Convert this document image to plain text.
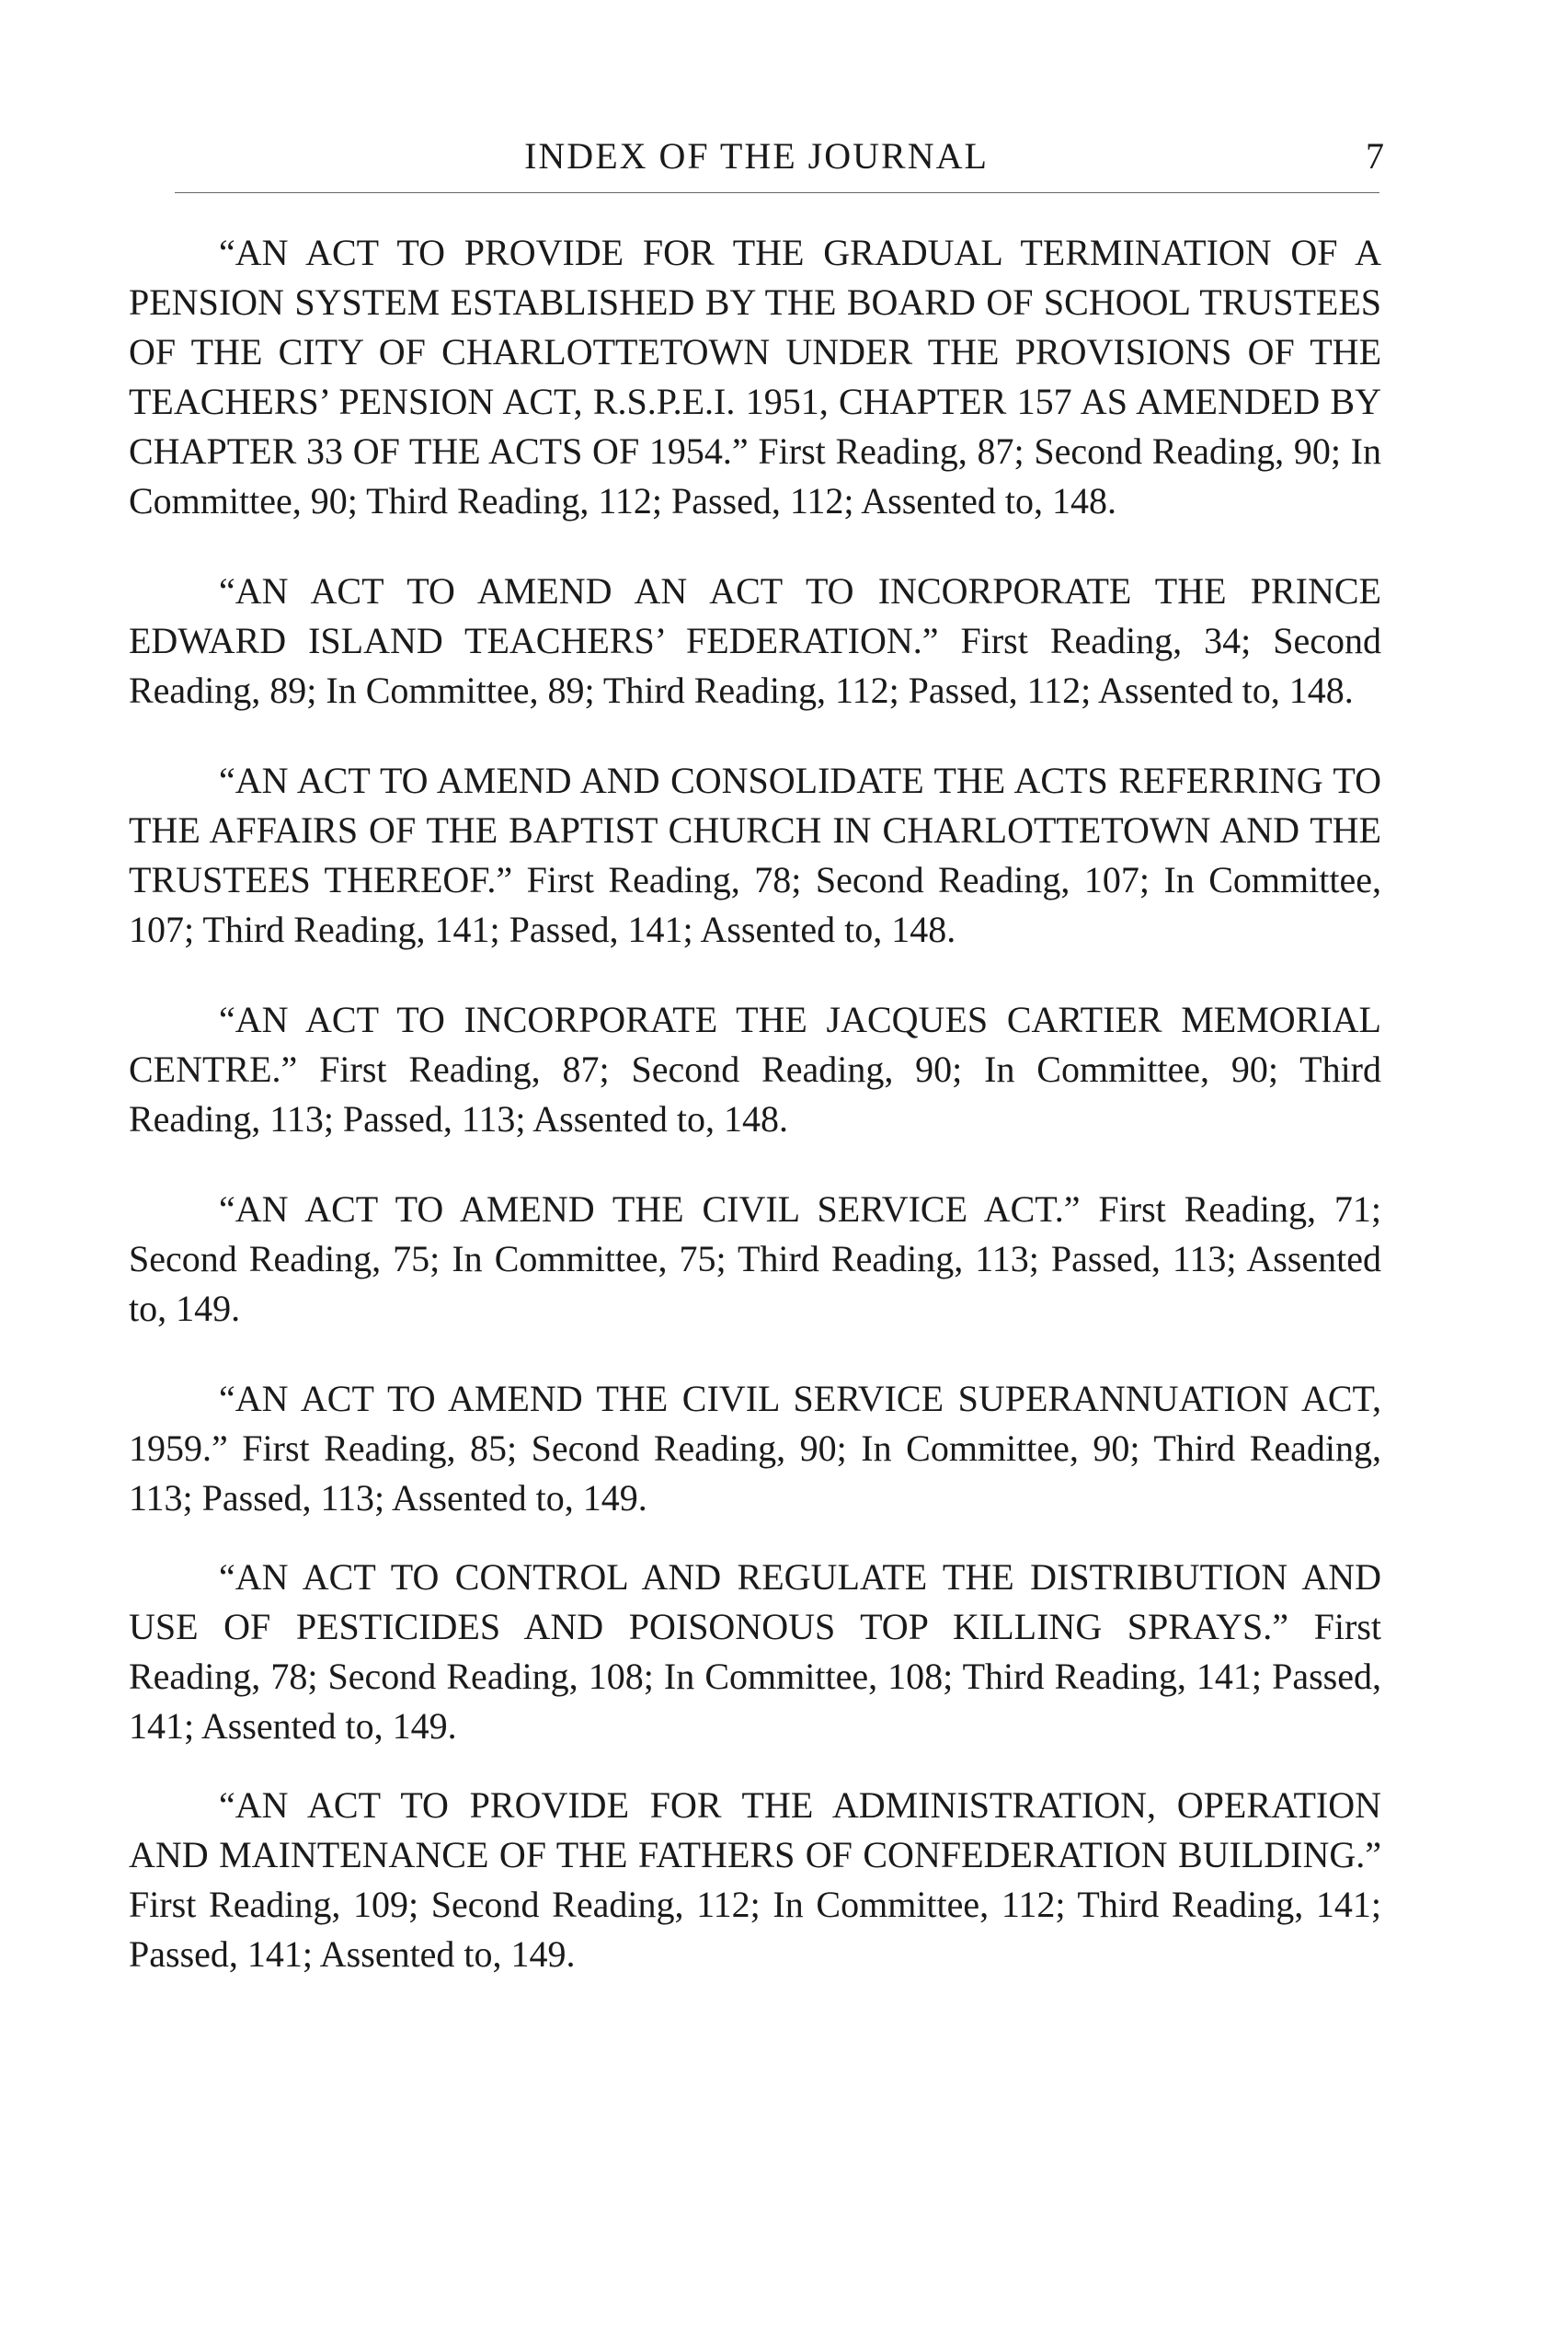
INDEX OF THE JOURNAL	7

“AN ACT TO PROVIDE FOR THE GRADUAL TERMINATION OF A PENSION SYSTEM ESTABLISHED BY THE BOARD OF SCHOOL TRUSTEES OF THE CITY OF CHARLOTTETOWN UNDER THE PROVISIONS OF THE TEACHERS’ PENSION ACT, R.S.P.E.I. 1951, CHAPTER 157 AS AMENDED BY CHAPTER 33 OF THE ACTS OF 1954.” First Reading, 87; Second Reading, 90; In Committee, 90; Third Reading, 112; Passed, 112; Assented to, 148.

“AN ACT TO AMEND AN ACT TO INCORPORATE THE PRINCE EDWARD ISLAND TEACHERS’ FEDERATION.” First Reading, 34; Second Reading, 89; In Committee, 89; Third Reading, 112; Passed, 112; Assented to, 148.

“AN ACT TO AMEND AND CONSOLIDATE THE ACTS REFERRING TO THE AFFAIRS OF THE BAPTIST CHURCH IN CHARLOTTETOWN AND THE TRUSTEES THEREOF.” First Reading, 78; Second Reading, 107; In Committee, 107; Third Reading, 141; Passed, 141; Assented to, 148.

“AN ACT TO INCORPORATE THE JACQUES CARTIER MEMORIAL CENTRE.” First Reading, 87; Second Reading, 90; In Committee, 90; Third Reading, 113; Passed, 113; Assented to, 148.

“AN ACT TO AMEND THE CIVIL SERVICE ACT.” First Reading, 71; Second Reading, 75; In Committee, 75; Third Reading, 113; Passed, 113; Assented to, 149.

“AN ACT TO AMEND THE CIVIL SERVICE SUPERANNUATION ACT, 1959.” First Reading, 85; Second Reading, 90; In Committee, 90; Third Reading, 113; Passed, 113; Assented to, 149.

“AN ACT TO CONTROL AND REGULATE THE DISTRIBUTION AND USE OF PESTICIDES AND POISONOUS TOP KILLING SPRAYS.” First Reading, 78; Second Reading, 108; In Committee, 108; Third Reading, 141; Passed, 141; Assented to, 149.

“AN ACT TO PROVIDE FOR THE ADMINISTRATION, OPERATION AND MAINTENANCE OF THE FATHERS OF CONFEDERATION BUILDING.” First Reading, 109; Second Reading, 112; In Committee, 112; Third Reading, 141; Passed, 141; Assented to, 149.
